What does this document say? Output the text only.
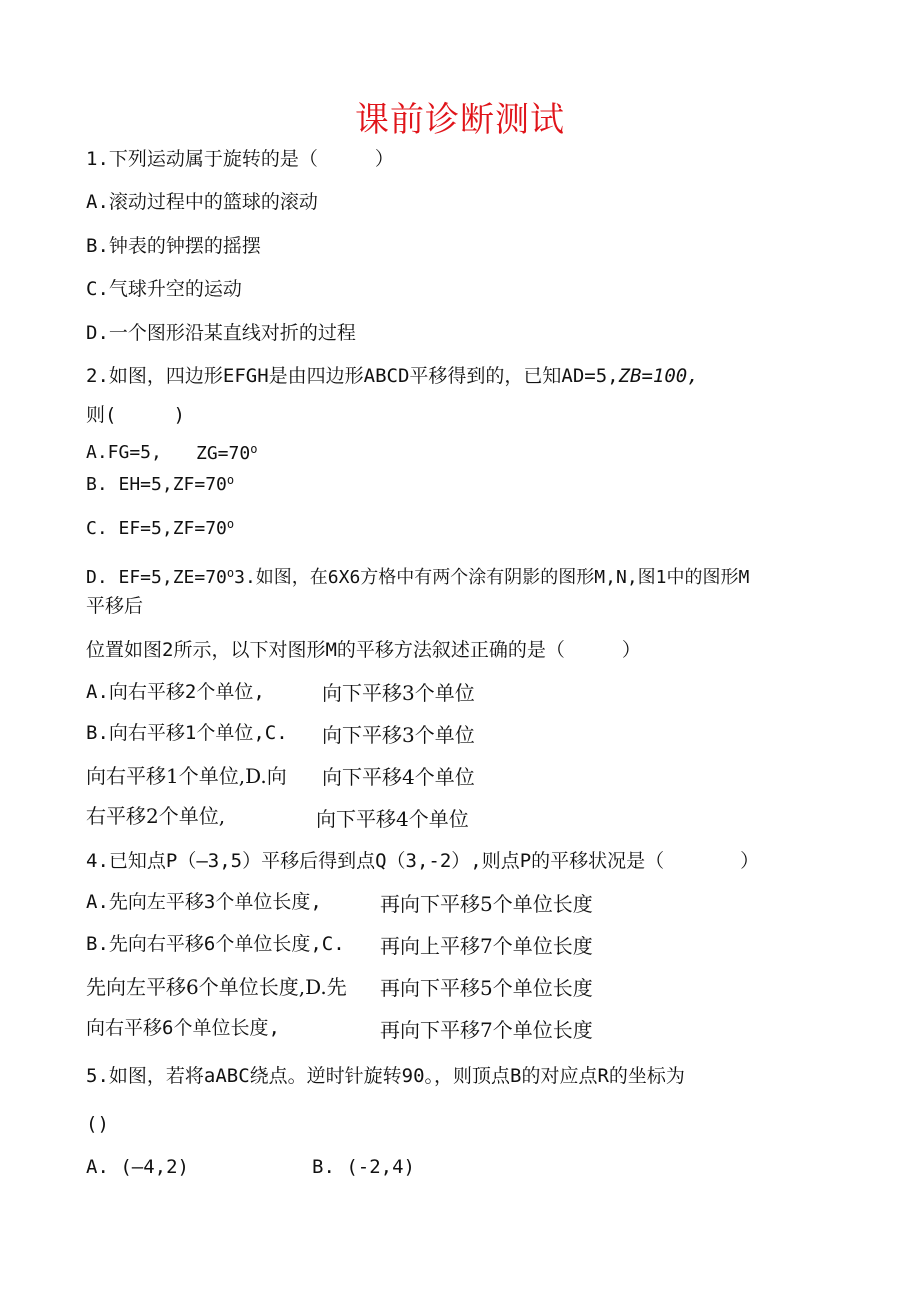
课前诊断测试
1.下列运动属于旋转的是（　　　）
A.滚动过程中的篮球的滚动
B.钟表的钟摆的摇摆
C.气球升空的运动
D.一个图形沿某直线对折的过程
2.如图，四边形EFGH是由四边形ABCD平移得到的，已知AD=5,ZB=100,
则(　　　)
A.FG=5, $ZG=70^o$
B. $EH=5,ZF=70^o$
C. $EF=5,ZF=70^o$
D. $EF=5,ZE=70^o3$.如图，在6X6方格中有两个涂有阴影的图形M,N,图1中的图形M
平移后
位置如图2所示，以下对图形M的平移方法叙述正确的是（　　　）
A.向右平移2个单位,	向下平移3个单位
B.向右平移1个单位,C. 向下平移3个单位
向右平移1个单位,D.向 向下平移4个单位
右平移2个单位,	向下平移4个单位
4.已知点P（—3,5）平移后得到点Q（3,-2）,则点P的平移状况是（　　　　）
A.先向左平移3个单位长度,	再向下平移5个单位长度
B.先向右平移6个单位长度,C. 再向上平移7个单位长度
先向左平移6个单位长度,D.先 再向下平移5个单位长度
向右平移6个单位长度,	再向下平移7个单位长度
5.如图，若将aABC绕点。逆时针旋转90。，则顶点B的对应点R的坐标为
()
A. (—4,2)	B. (-2,4)
